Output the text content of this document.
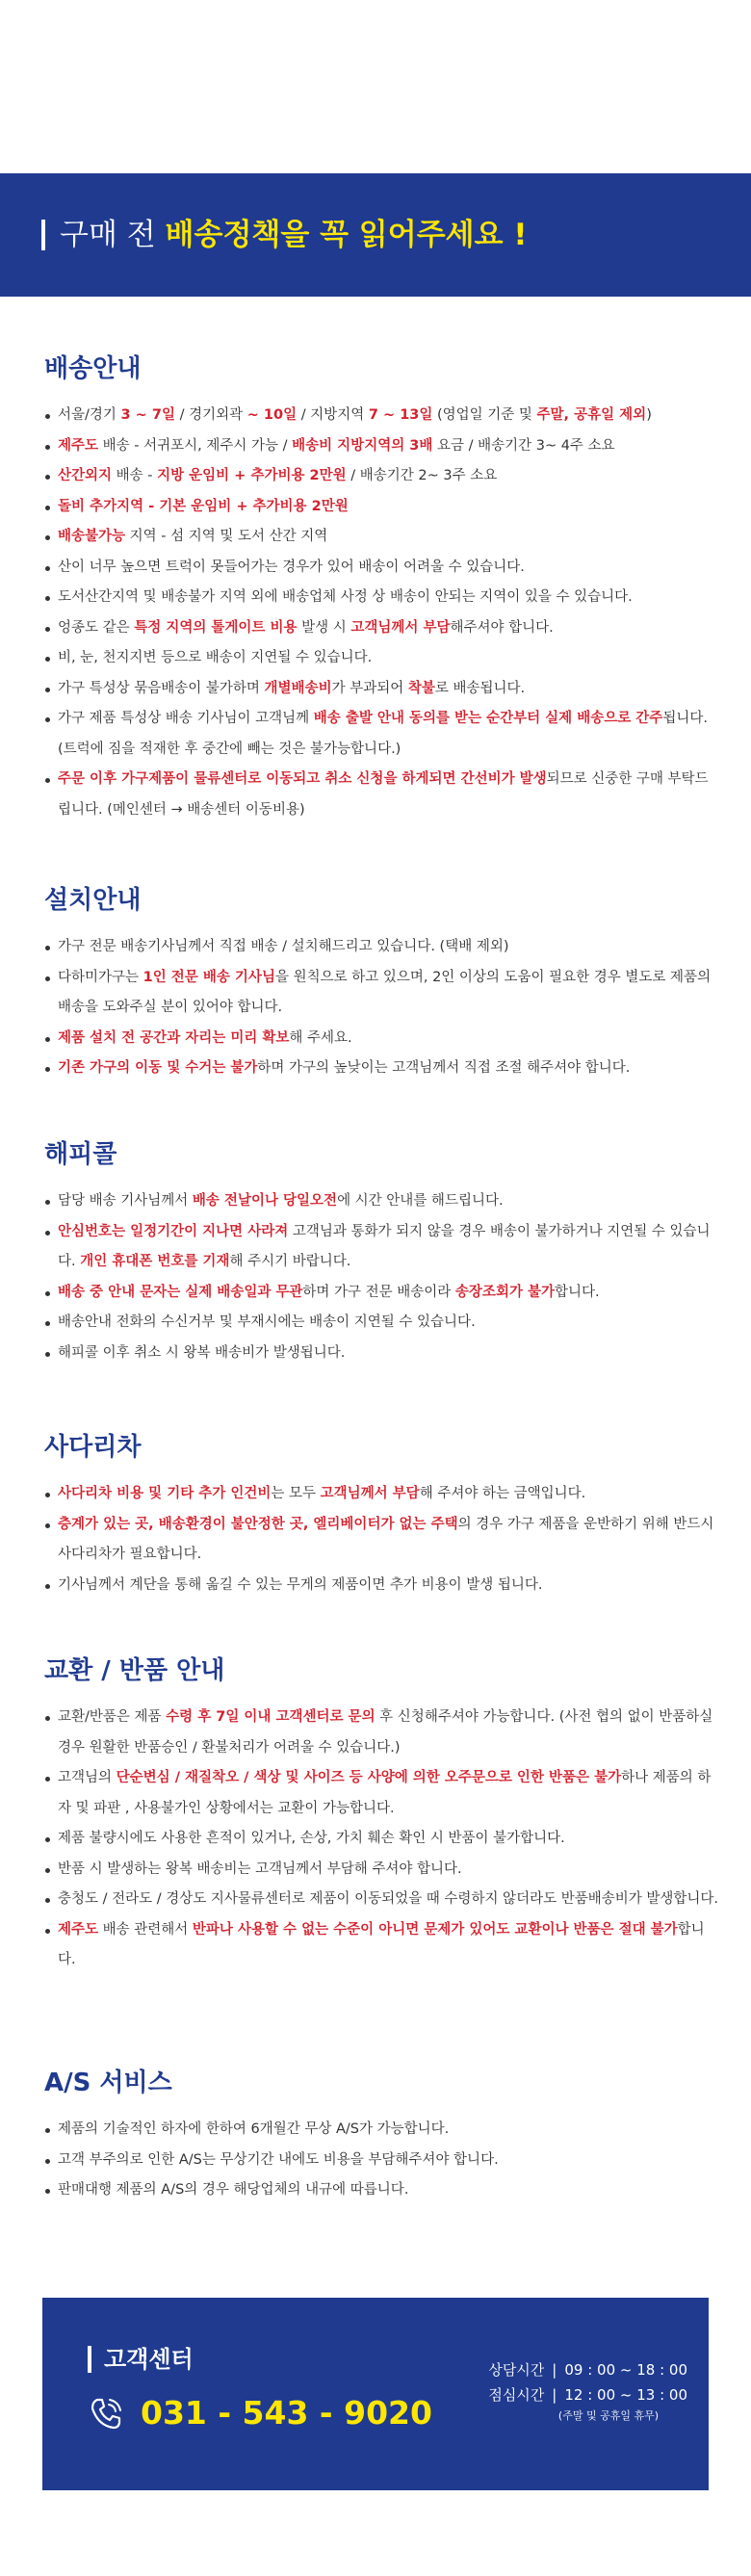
구매 전 배송정책을 꼭 읽어주세요 !
배송안내
서울/경기 3 ~ 7일 / 경기외곽 ~ 10일 / 지방지역 7 ~ 13일 (영업일 기준 및 주말, 공휴일 제외)
제주도 배송 - 서귀포시, 제주시 가능 / 배송비 지방지역의 3배 요금 / 배송기간 3~ 4주 소요
산간외지 배송 - 지방 운임비 + 추가비용 2만원 / 배송기간 2~ 3주 소요
돌비 추가지역 - 기본 운임비 + 추가비용 2만원
배송불가능 지역 - 섬 지역 및 도서 산간 지역
산이 너무 높으면 트럭이 못들어가는 경우가 있어 배송이 어려울 수 있습니다.
도서산간지역 및 배송불가 지역 외에 배송업체 사정 상 배송이 안되는 지역이 있을 수 있습니다.
엉종도 같은 특정 지역의 톨게이트 비용 발생 시 고객님께서 부담해주셔야 합니다.
비, 눈, 천지지변 등으로 배송이 지연될 수 있습니다.
가구 특성상 묶음배송이 불가하며 개별배송비가 부과되어 착불로 배송됩니다.
가구 제품 특성상 배송 기사님이 고객님께 배송 출발 안내 동의를 받는 순간부터 실제 배송으로 간주됩니다. (트럭에 짐을 적재한 후 중간에 빼는 것은 불가능합니다.)
주문 이후 가구제품이 물류센터로 이동되고 취소 신청을 하게되면 간선비가 발생되므로 신중한 구매 부탁드립니다. (메인센터 → 배송센터 이동비용)
설치안내
가구 전문 배송기사님께서 직접 배송 / 설치해드리고 있습니다. (택배 제외)
다하미가구는 1인 전문 배송 기사님을 원칙으로 하고 있으며, 2인 이상의 도움이 필요한 경우 별도로 제품의 배송을 도와주실 분이 있어야 합니다.
제품 설치 전 공간과 자리는 미리 확보해 주세요.
기존 가구의 이동 및 수거는 불가하며 가구의 높낮이는 고객님께서 직접 조절 해주셔야 합니다.
해피콜
담당 배송 기사님께서 배송 전날이나 당일오전에 시간 안내를 해드립니다.
안심번호는 일정기간이 지나면 사라져 고객님과 통화가 되지 않을 경우 배송이 불가하거나 지연될 수 있습니다. 개인 휴대폰 번호를 기재해 주시기 바랍니다.
배송 중 안내 문자는 실제 배송일과 무관하며 가구 전문 배송이라 송장조회가 불가합니다.
배송안내 전화의 수신거부 및 부재시에는 배송이 지연될 수 있습니다.
해피콜 이후 취소 시 왕복 배송비가 발생됩니다.
사다리차
사다리차 비용 및 기타 추가 인건비는 모두 고객님께서 부담해 주셔야 하는 금액입니다.
층계가 있는 곳, 배송환경이 불안정한 곳, 엘리베이터가 없는 주택의 경우 가구 제품을 운반하기 위해 반드시 사다리차가 필요합니다.
기사님께서 계단을 통해 옮길 수 있는 무게의 제품이면 추가 비용이 발생 됩니다.
교환 / 반품 안내
교환/반품은 제품 수령 후 7일 이내 고객센터로 문의 후 신청해주셔야 가능합니다. (사전 협의 없이 반품하실 경우 원활한 반품승인 / 환불처리가 어려울 수 있습니다.)
고객님의 단순변심 / 재질착오 / 색상 및 사이즈 등 사양에 의한 오주문으로 인한 반품은 불가하나 제품의 하자 및 파판 , 사용불가인 상황에서는 교환이 가능합니다.
제품 불량시에도 사용한 흔적이 있거나, 손상, 가치 훼손 확인 시 반품이 불가합니다.
반품 시 발생하는 왕복 배송비는 고객님께서 부담해 주셔야 합니다.
충청도 / 전라도 / 경상도 지사물류센터로 제품이 이동되었을 때 수령하지 않더라도 반품배송비가 발생합니다.
제주도 배송 관련해서 반파나 사용할 수 없는 수준이 아니면 문제가 있어도 교환이나 반품은 절대 불가합니다.
A/S 서비스
제품의 기술적인 하자에 한하여 6개월간 무상 A/S가 가능합니다.
고객 부주의로 인한 A/S는 무상기간 내에도 비용을 부담해주셔야 합니다.
판매대행 제품의 A/S의 경우 해당업체의 내규에 따릅니다.
고객센터
031 - 543 - 9020
상담시간 | 09 : 00 ~ 18 : 00
점심시간 | 12 : 00 ~ 13 : 00
(주말 및 공휴일 휴무)
